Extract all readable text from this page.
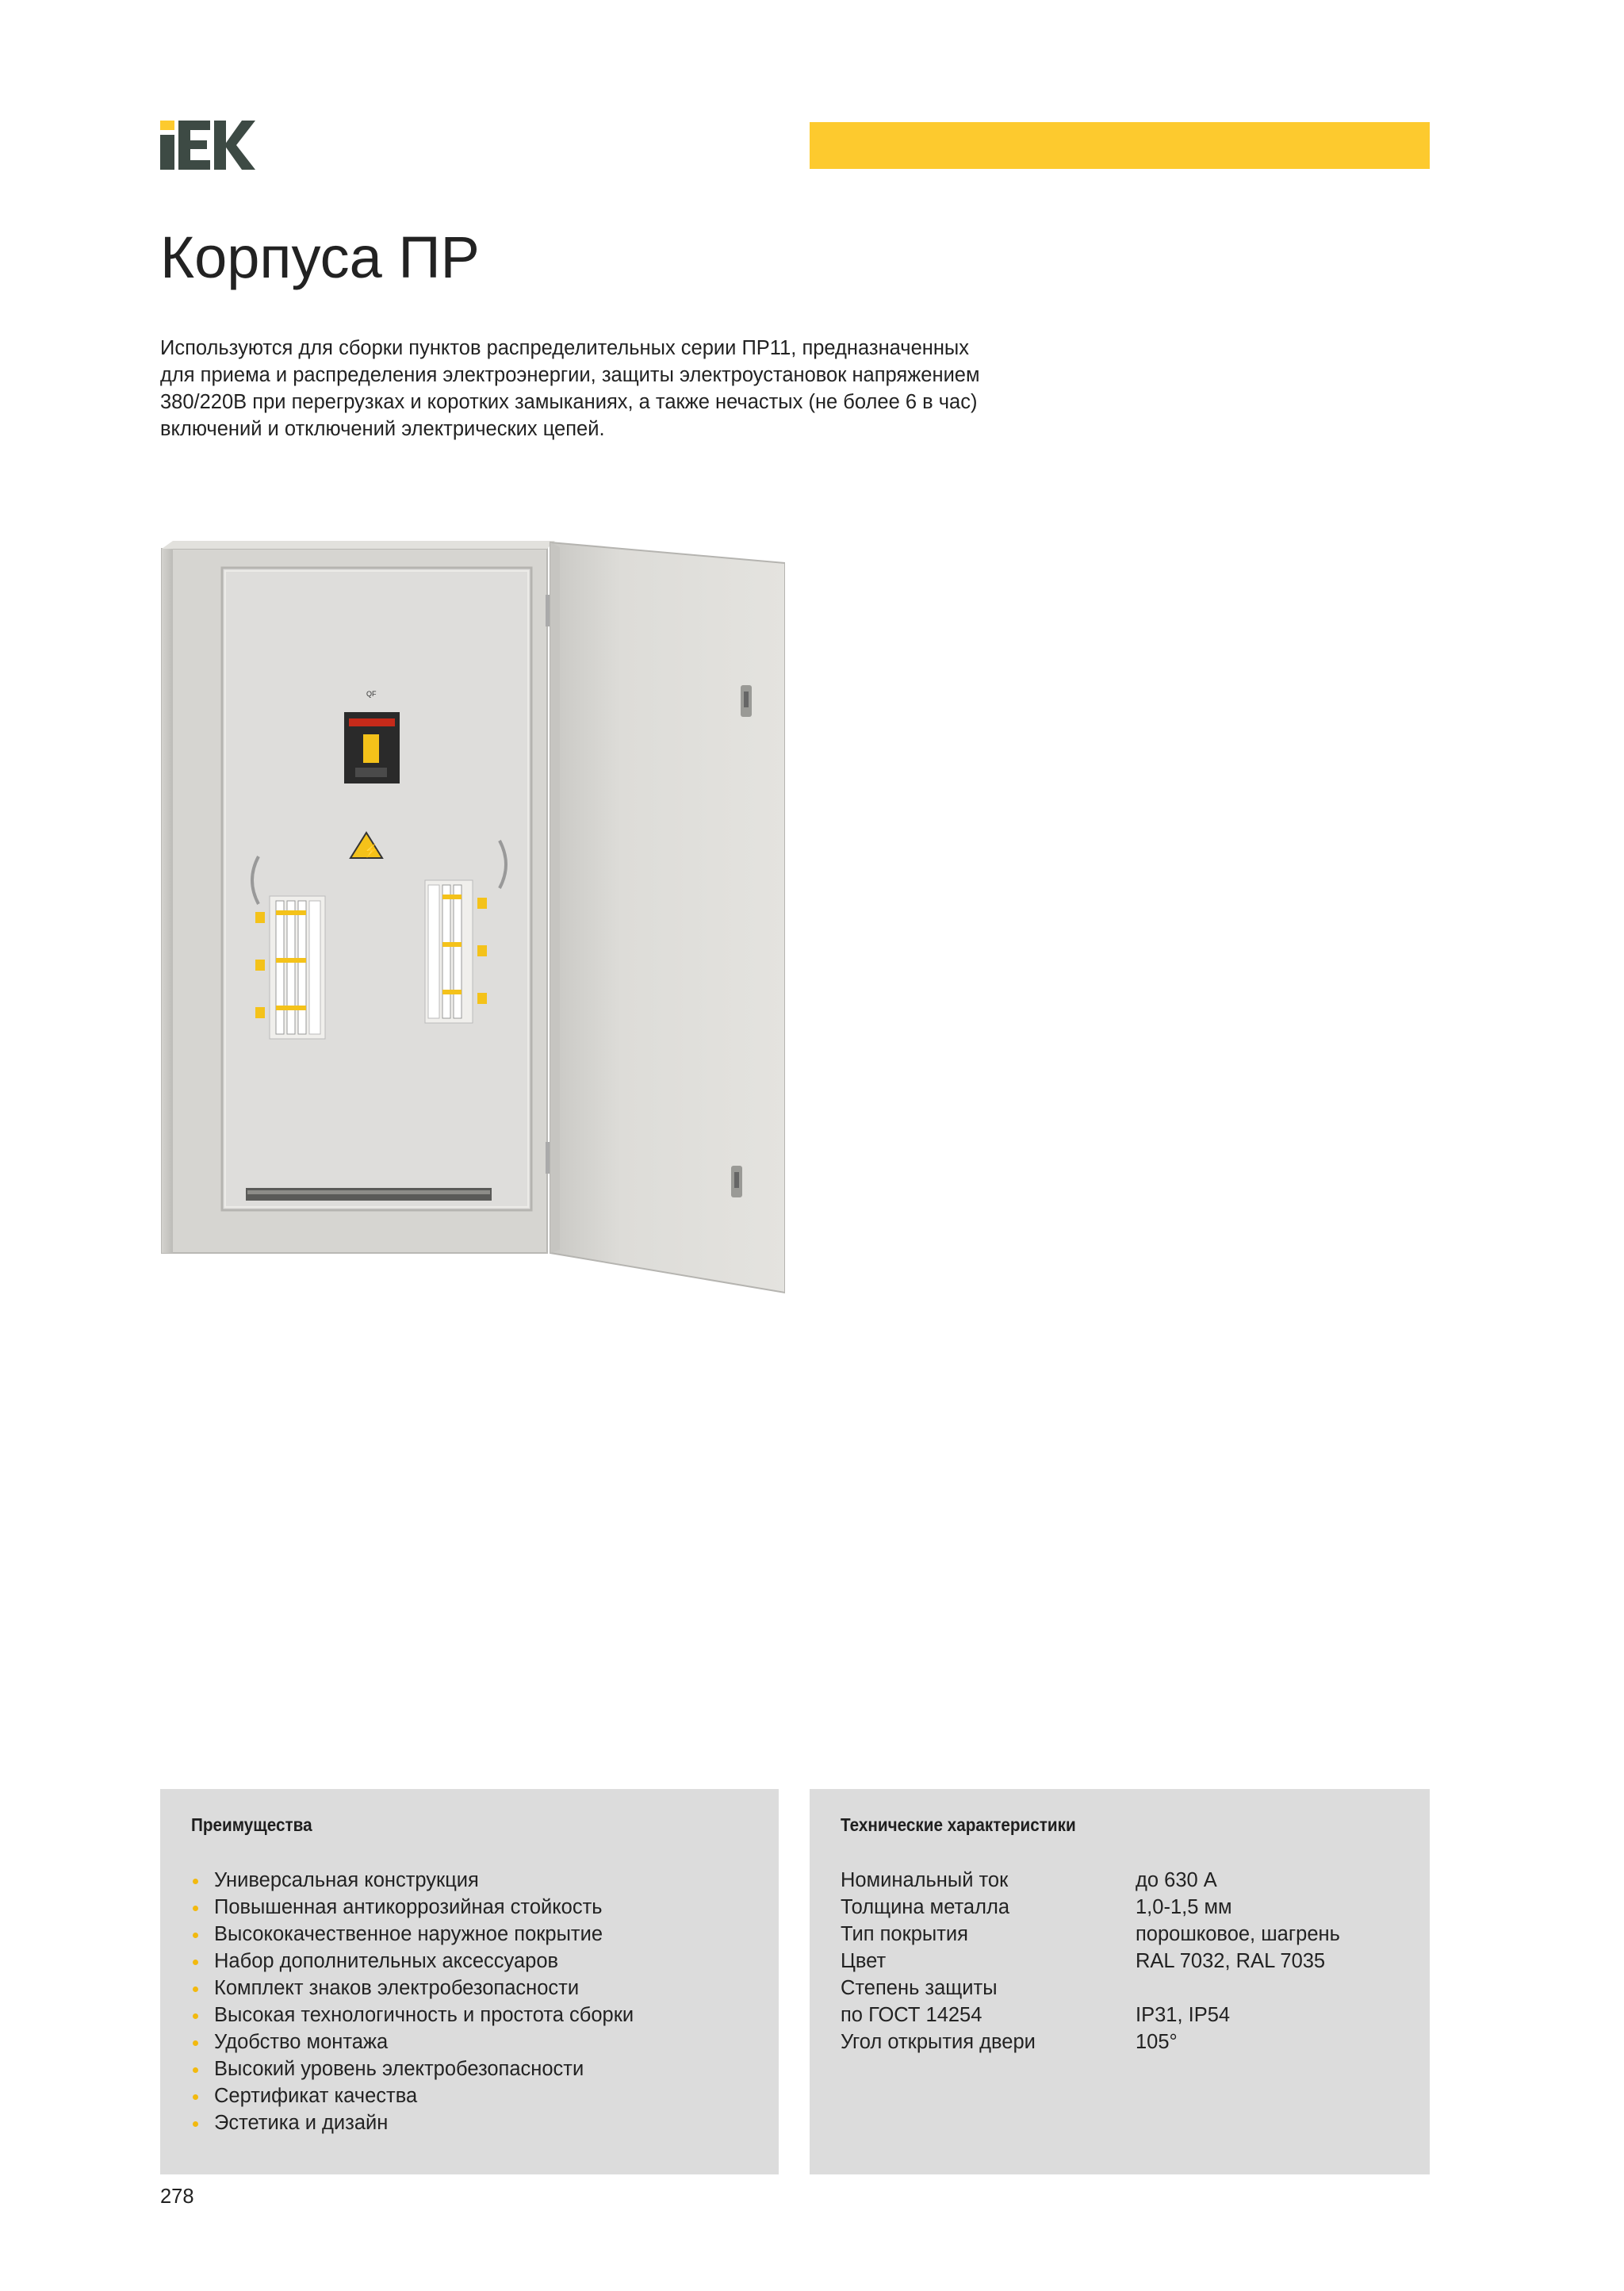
Корпуса ПР
Используются для сборки пунктов распределительных серии ПР11, предназначенных
для приема и распределения электроэнергии, защиты электроустановок напряжением
380/220В при перегрузках и коротких замыканиях, а также нечастых (не более 6 в час)
включений и отключений электрических цепей.
QF
⚡
Преимущества
Универсальная конструкция
Повышенная антикоррозийная стойкость
Высококачественное наружное покрытие
Набор дополнительных аксессуаров
Комплект знаков электробезопасности
Высокая технологичность и простота сборки
Удобство монтажа
Высокий уровень электробезопасности
Сертификат качества
Эстетика и дизайн
Технические характеристики
Номинальный ток	до 630 А
Толщина металла	1,0-1,5 мм
Тип покрытия	порошковое, шагрень
Цвет	RAL 7032, RAL 7035
Степень защиты	
по ГОСТ 14254	IP31, IP54
Угол открытия двери	105°
278
